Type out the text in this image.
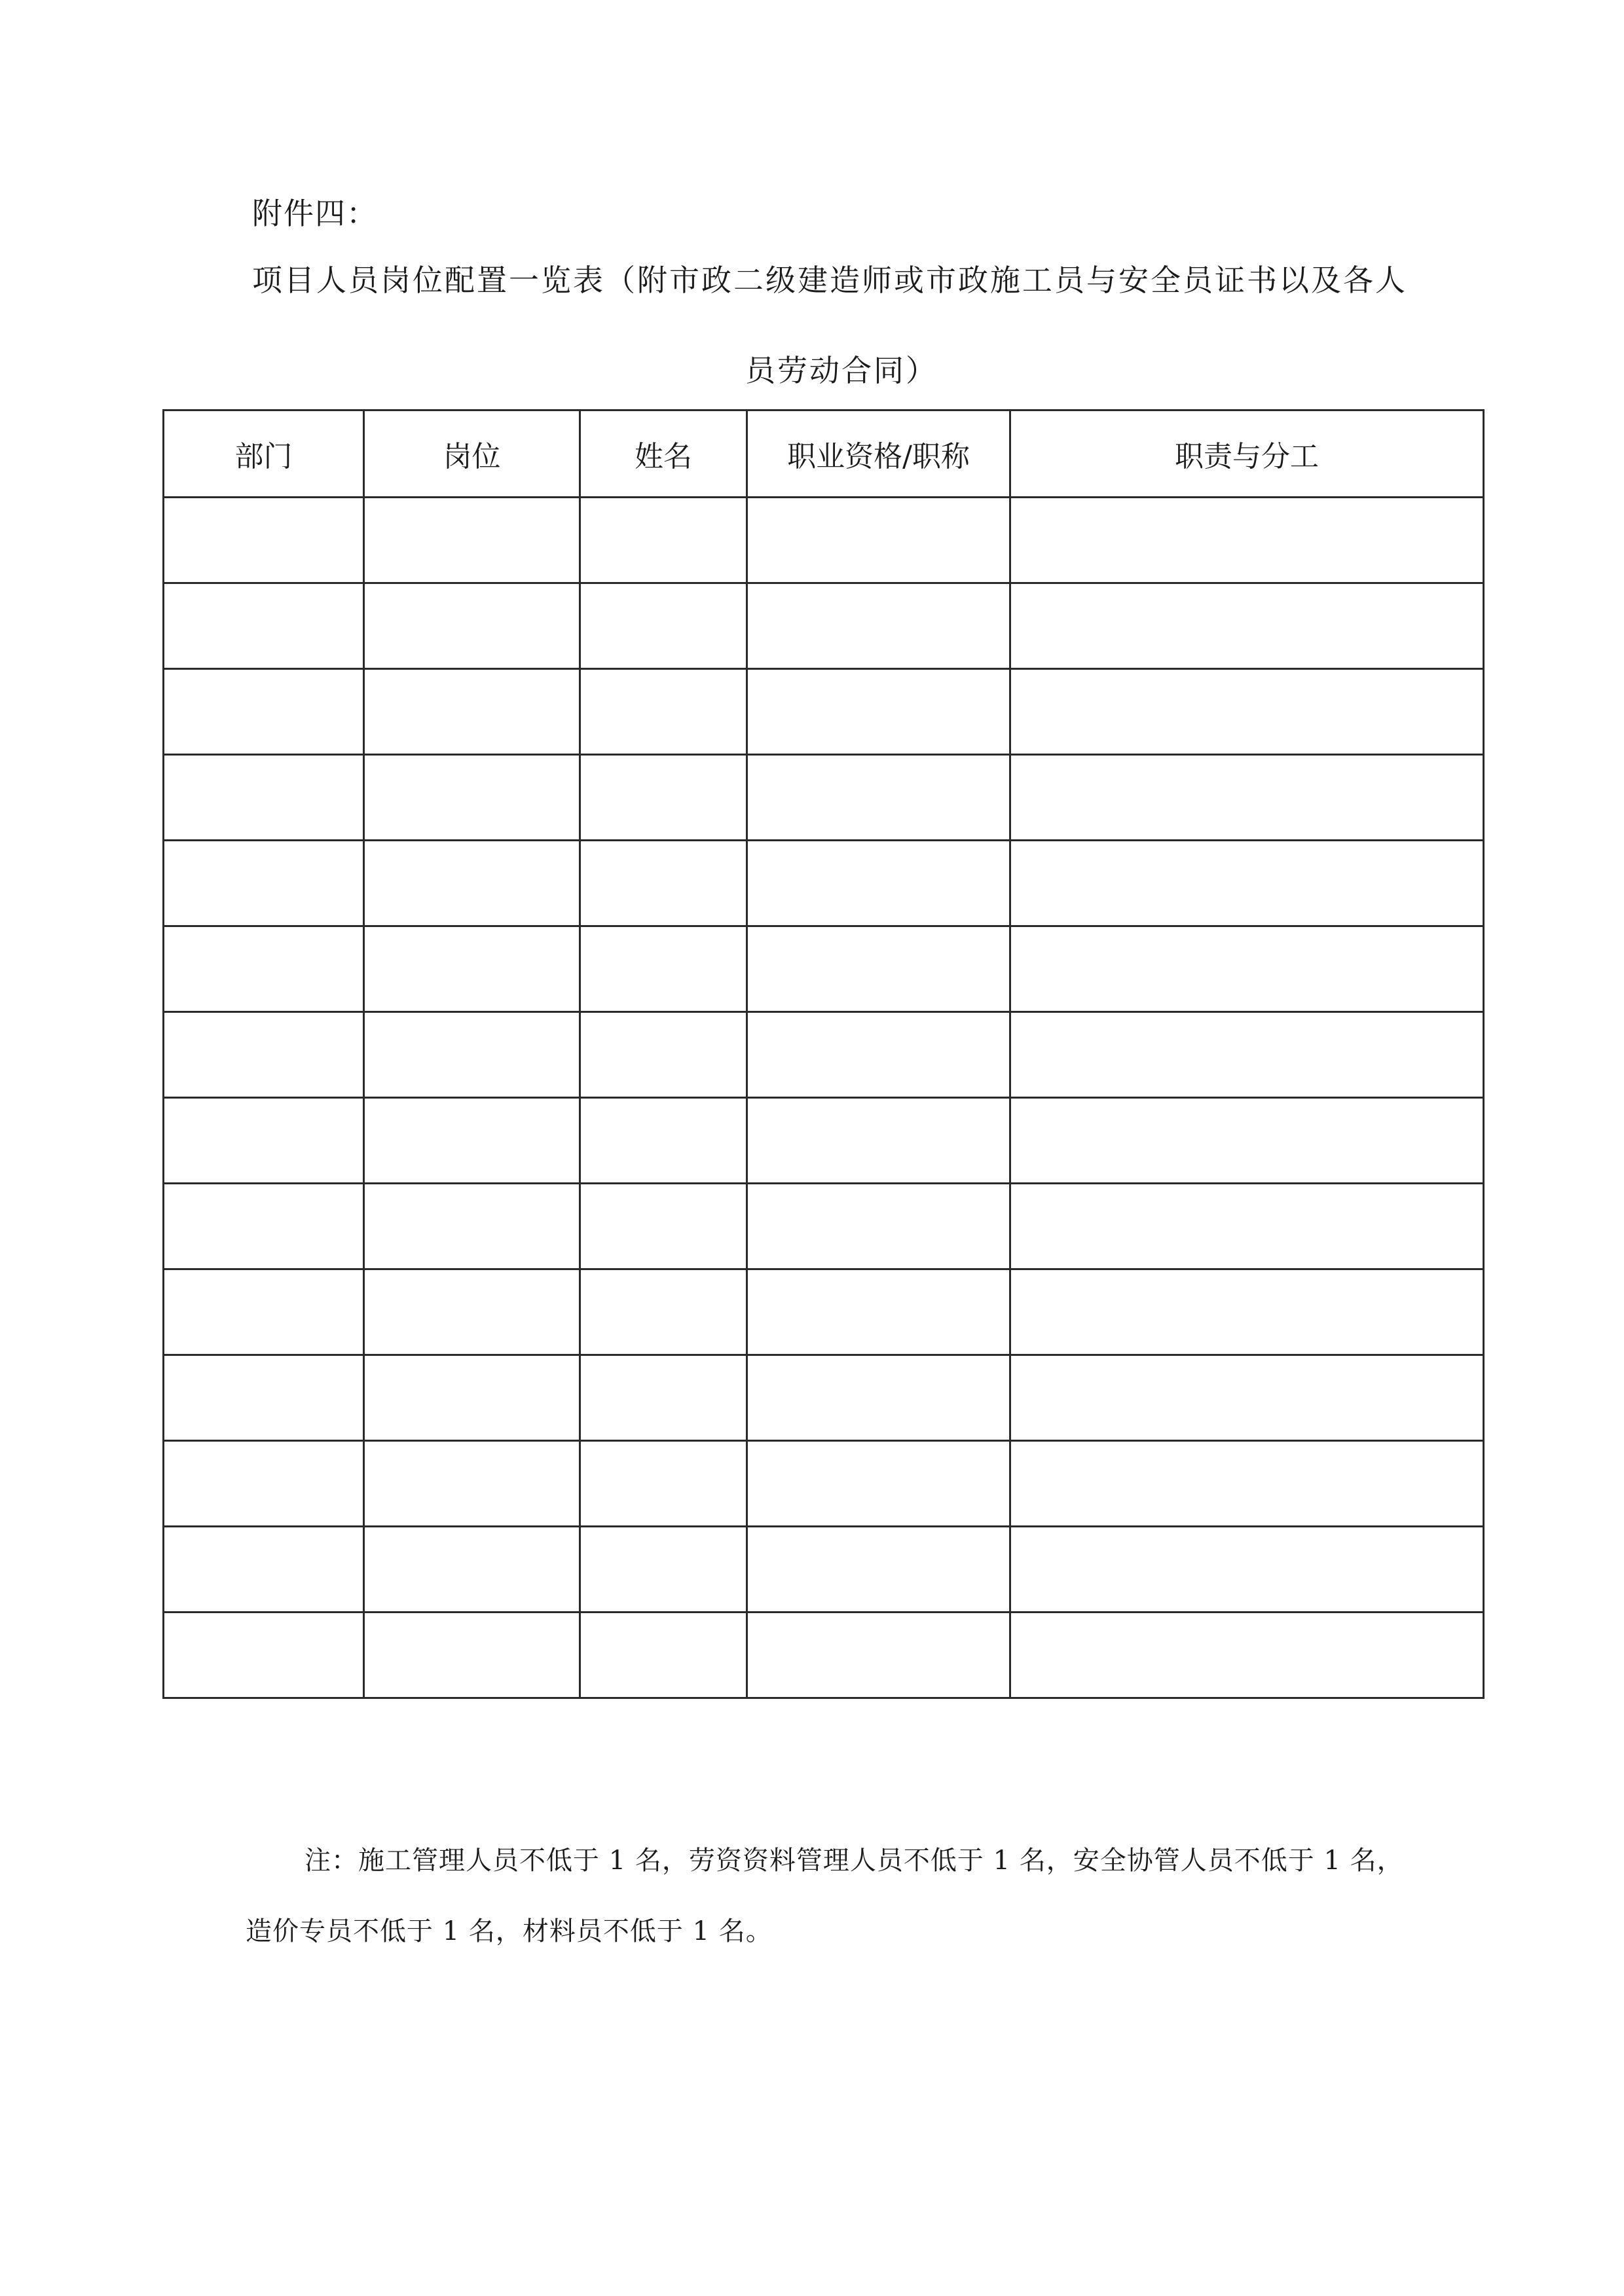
附件四：
项目人员岗位配置一览表（附市政二级建造师或市政施工员与安全员证书以及各人
员劳动合同）
部门	岗位	姓名	职业资格/职称	职责与分工

注：施工管理人员不低于 1 名，劳资资料管理人员不低于 1 名，安全协管人员不低于 1 名，
造价专员不低于 1 名，材料员不低于 1 名。
